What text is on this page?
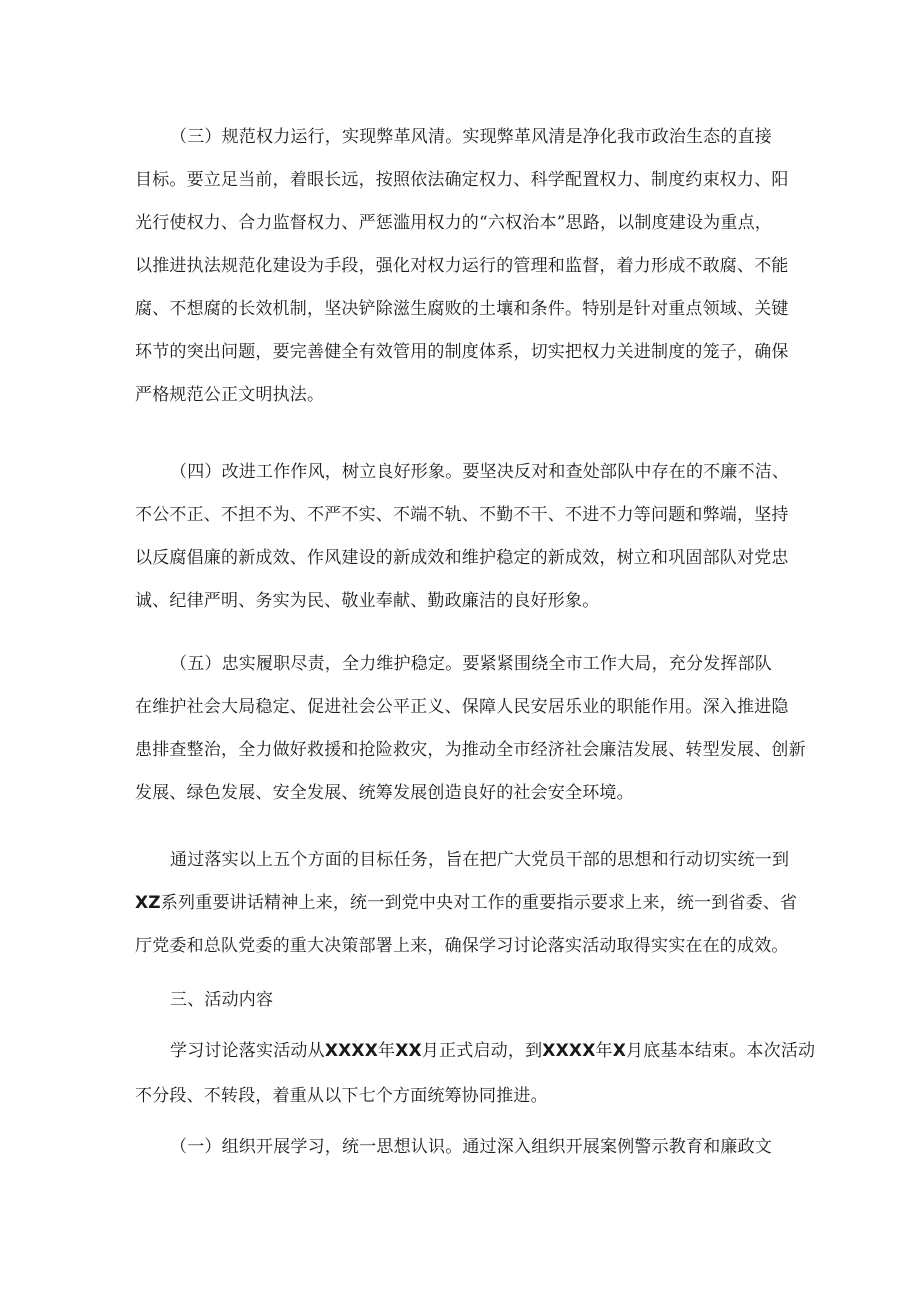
（三）规范权力运行，实现弊革风清。实现弊革风清是净化我市政治生态的直接
目标。要立足当前，着眼长远，按照依法确定权力、科学配置权力、制度约束权力、阳
光行使权力、合力监督权力、严惩滥用权力的“六权治本”思路，以制度建设为重点，
以推进执法规范化建设为手段，强化对权力运行的管理和监督，着力形成不敢腐、不能
腐、不想腐的长效机制，坚决铲除滋生腐败的土壤和条件。特别是针对重点领域、关键
环节的突出问题，要完善健全有效管用的制度体系，切实把权力关进制度的笼子，确保
严格规范公正文明执法。
（四）改进工作作风，树立良好形象。要坚决反对和查处部队中存在的不廉不洁、
不公不正、不担不为、不严不实、不端不轨、不勤不干、不进不力等问题和弊端，坚持
以反腐倡廉的新成效、作风建设的新成效和维护稳定的新成效，树立和巩固部队对党忠
诚、纪律严明、务实为民、敬业奉献、勤政廉洁的良好形象。
（五）忠实履职尽责，全力维护稳定。要紧紧围绕全市工作大局，充分发挥部队
在维护社会大局稳定、促进社会公平正义、保障人民安居乐业的职能作用。深入推进隐
患排查整治，全力做好救援和抢险救灾，为推动全市经济社会廉洁发展、转型发展、创新
发展、绿色发展、安全发展、统筹发展创造良好的社会安全环境。
通过落实以上五个方面的目标任务，旨在把广大党员干部的思想和行动切实统一到
XZ系列重要讲话精神上来，统一到党中央对工作的重要指示要求上来，统一到省委、省
厅党委和总队党委的重大决策部署上来，确保学习讨论落实活动取得实实在在的成效。
三、活动内容
学习讨论落实活动从XXXX年XX月正式启动，到XXXX年X月底基本结束。本次活动
不分段、不转段，着重从以下七个方面统筹协同推进。
（一）组织开展学习，统一思想认识。通过深入组织开展案例警示教育和廉政文
